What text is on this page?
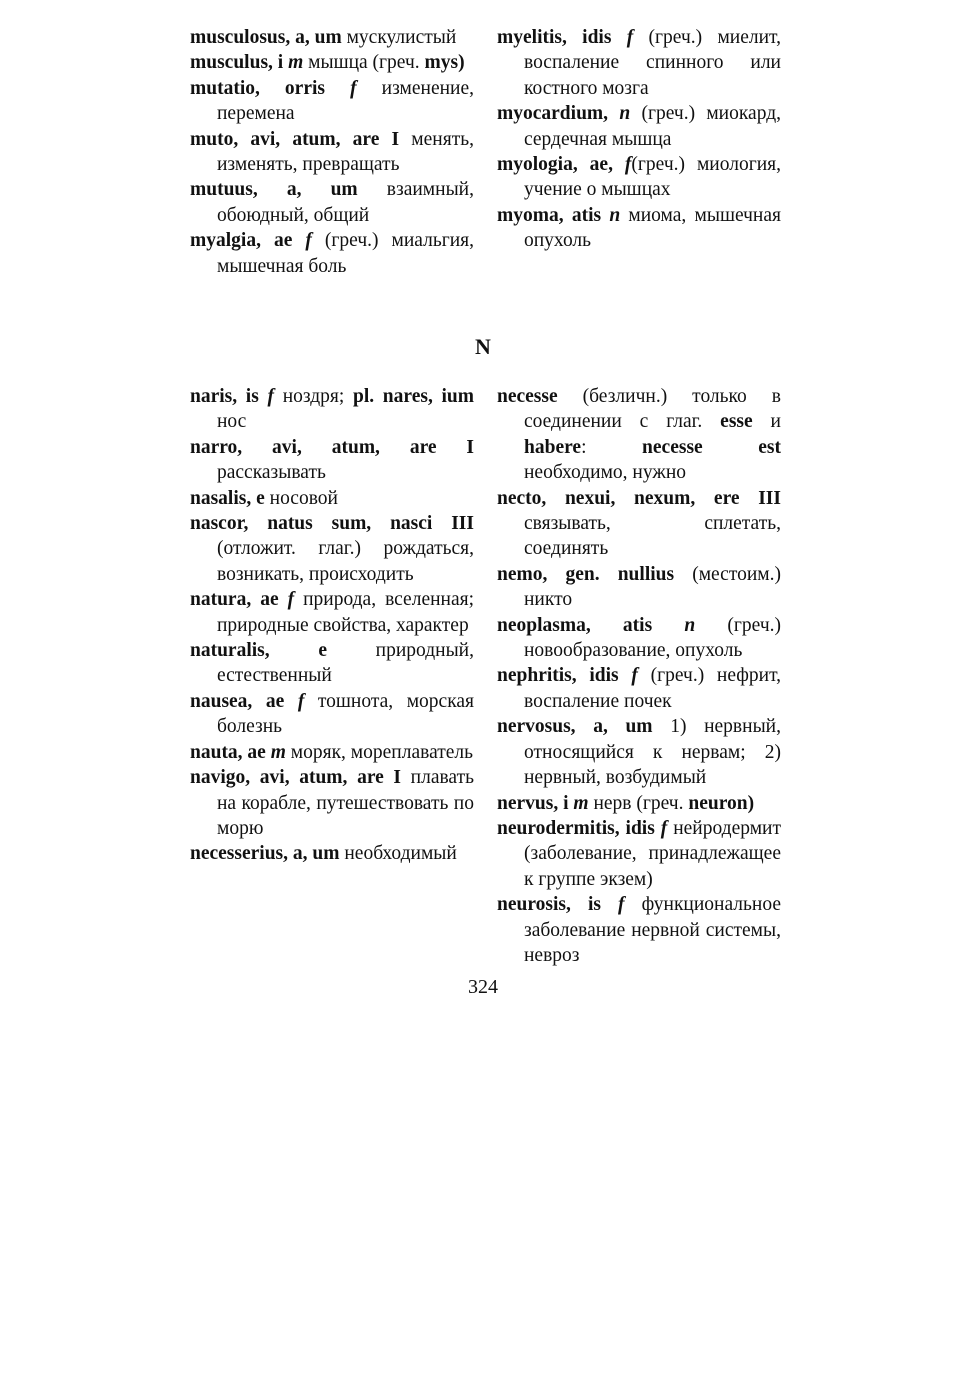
musculosus, a, um мускулистый

musculus, i m мышца (греч. mys)

mutatio, orris f изменение, перемена

muto, avi, atum, are I менять, изменять, превращать

mutuus, a, um взаимный, обоюдный, общий

myalgia, ae f (греч.) миальгия, мышечная боль

myelitis, idis f (греч.) миелит, воспаление спинного или костного мозга

myocardium, n (греч.) миокард, сердечная мышца

myologia, ae, f(греч.) миология, учение о мышцах

myoma, atis n миома, мышечная опухоль

N

naris, is f ноздря; pl. nares, ium нос

narro, avi, atum, are I рассказывать

nasalis, e носовой

nascor, natus sum, nasci III (отложит. глаг.) рождаться, возникать, происходить

natura, ae f природа, вселенная; природные свойства, характер

naturalis, e природный, естественный

nausea, ae f тошнота, морская болезнь

nauta, ae m моряк, мореплаватель

navigo, avi, atum, are I плавать на корабле, путешествовать по морю

necesserius, a, um необходимый

necesse (безличн.) только в соединении с глаг. esse и habere: necesse est необходимо, нужно

necto, nexui, nexum, ere III связывать, сплетать, соединять

nemo, gen. nullius (местоим.) никто

neoplasma, atis n (греч.) новообразование, опухоль

nephritis, idis f (греч.) нефрит, воспаление почек

nervosus, a, um 1) нервный, относящийся к нервам; 2) нервный, возбудимый

nervus, i m нерв (греч. neuron)

neurodermitis, idis f нейродермит (заболевание, принадлежащее к группе экзем)

neurosis, is f функциональное заболевание нервной системы, невроз

324
